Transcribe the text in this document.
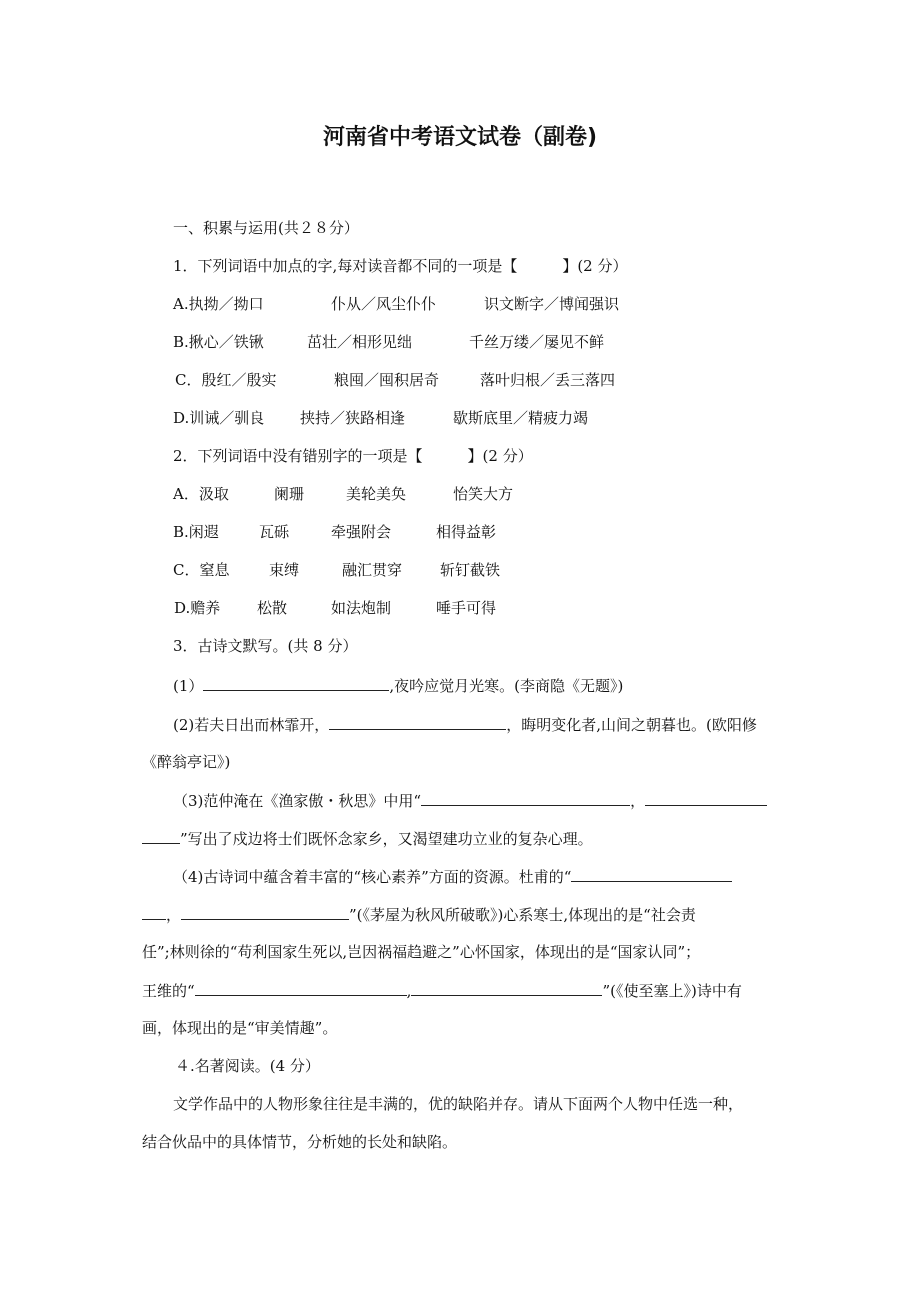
河南省中考语文试卷（副卷)
一、积累与运用(共２８分）
1．下列词语中加点的字,每对读音都不同的一项是【　　　】(2 分）
A.执拗／拗口	仆从／风尘仆仆	识文断字／博闻强识
B.揪心／铁锹	茁壮／相形见绌	千丝万缕／屡见不鲜
C．殷红／殷实	粮囤／囤积居奇	落叶归根／丢三落四
D.训诫／驯良 挟持／狭路相逢	歇斯底里／精疲力竭
2．下列词语中没有错别字的一项是【　　　】(2 分）
A．汲取	阑珊	美轮美奂	怡笑大方
B.闲遐	瓦砾	牵强附会	相得益彰
C．窒息	束缚	融汇贯穿	斩钉截铁
D.赡养 松散	如法炮制	唾手可得
3．古诗文默写。(共 8 分）
(1）	,夜吟应觉月光寒。(李商隐《无题》)
(2)若夫日出而林霏开，	，晦明变化者,山间之朝暮也。(欧阳修
《醉翁亭记》)
（3)范仲淹在《渔家傲・秋思》中用“	，
”写出了戍边将士们既怀念家乡，又渴望建功立业的复杂心理。
（4)古诗词中蕴含着丰富的“核心素养”方面的资源。杜甫的“
，	”(《茅屋为秋风所破歌》)心系寒士,体现出的是“社会责
任”;林则徐的“苟利国家生死以,岂因祸福趋避之”心怀国家，体现出的是“国家认同”；
王维的“	,	”(《使至塞上》)诗中有
画，体现出的是“审美情趣”。
４.名著阅读。(4 分）
文学作品中的人物形象往往是丰满的，优的缺陷并存。请从下面两个人物中任选一种，
结合伙品中的具体情节，分析她的长处和缺陷。
